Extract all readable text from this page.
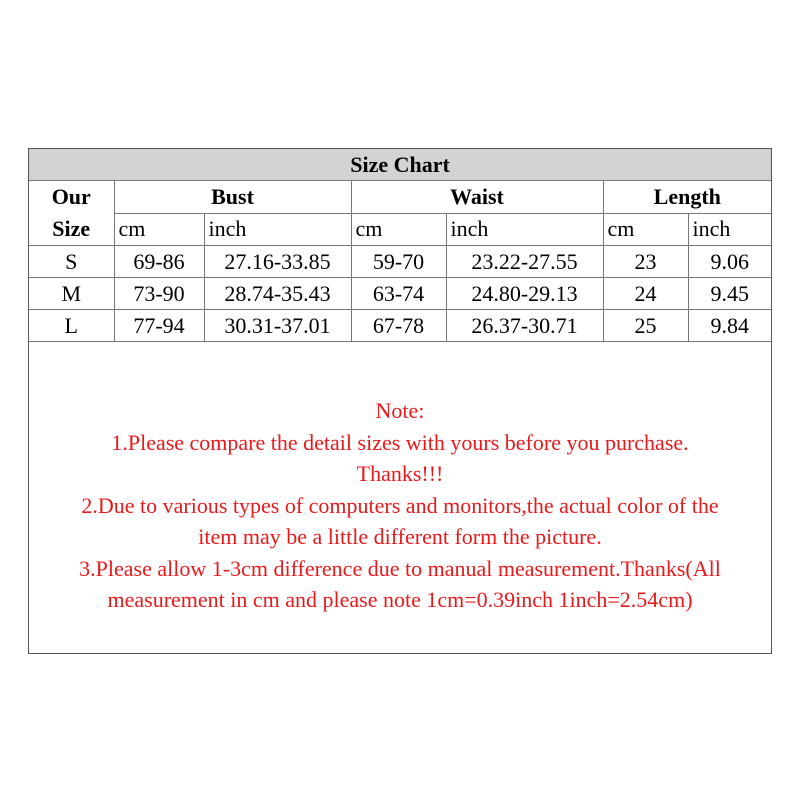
Size Chart						
Our
Size	Bust		Waist		Length	
	cm	inch	cm	inch	cm	inch
S	69-86	27.16-33.85	59-70	23.22-27.55	23	9.06
M	73-90	28.74-35.43	63-74	24.80-29.13	24	9.45
L	77-94	30.31-37.01	67-78	26.37-30.71	25	9.84
Note:
1.Please compare the detail sizes with yours before you purchase.
Thanks!!!
2.Due to various types of computers and monitors,the actual color of the
item may be a little different form the picture.
3.Please allow 1-3cm difference due to manual measurement.Thanks(All
measurement in cm and please note 1cm=0.39inch 1inch=2.54cm)
